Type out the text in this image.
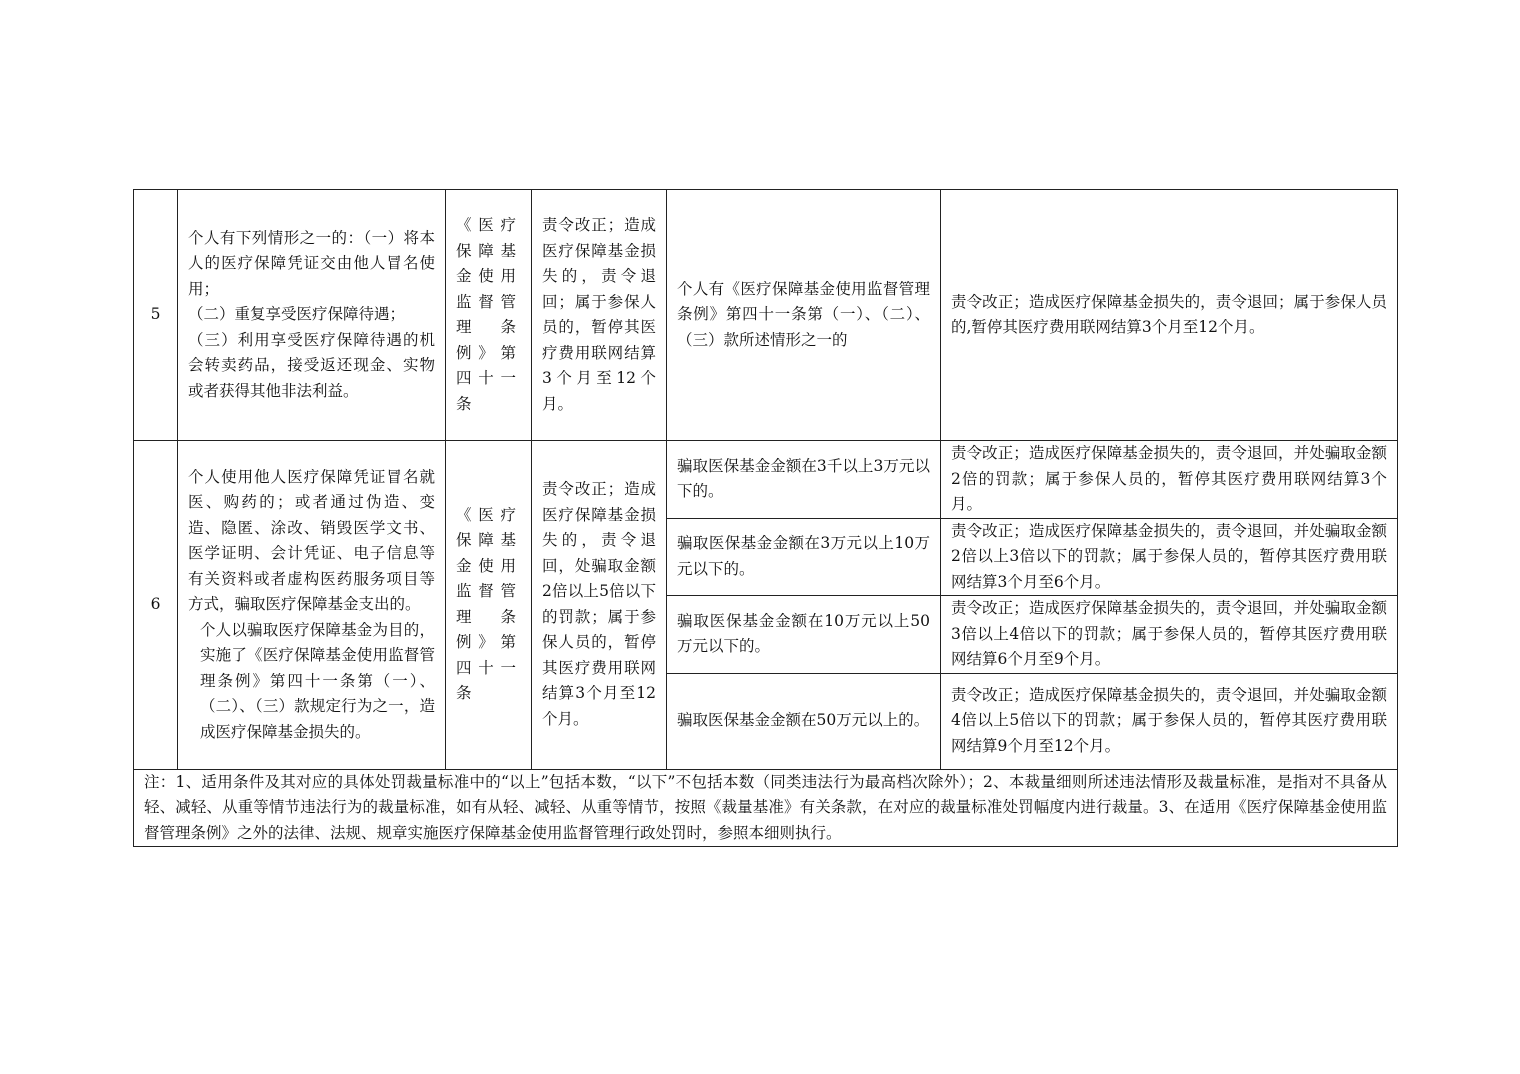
5	个人有下列情形之一的：（一）将本人的医疗保障凭证交由他人冒名使用；
（二）重复享受医疗保障待遇；
（三）利用享受医疗保障待遇的机会转卖药品，接受返还现金、实物或者获得其他非法利益。	《医疗保障基金使用监督管理条例》第四十一条	责令改正；造成医疗保障基金损失的，责令退回；属于参保人员的，暂停其医疗费用联网结算3个月至12个月。	个人有《医疗保障基金使用监督管理条例》第四十一条第（一）、（二）、（三）款所述情形之一的	责令改正；造成医疗保障基金损失的，责令退回；属于参保人员的,暂停其医疗费用联网结算3个月至12个月。
6	个人使用他人医疗保障凭证冒名就医、购药的；或者通过伪造、变造、隐匿、涂改、销毁医学文书、医学证明、会计凭证、电子信息等有关资料或者虚构医药服务项目等方式，骗取医疗保障基金支出的。
个人以骗取医疗保障基金为目的，实施了《医疗保障基金使用监督管理条例》第四十一条第（一）、（二）、（三）款规定行为之一，造成医疗保障基金损失的。	《医疗保障基金使用监督管理条例》第四十一条	责令改正；造成医疗保障基金损失的，责令退回，处骗取金额2倍以上5倍以下的罚款；属于参保人员的，暂停其医疗费用联网结算3个月至12个月。	骗取医保基金金额在3千以上3万元以下的。	责令改正；造成医疗保障基金损失的，责令退回，并处骗取金额2倍的罚款；属于参保人员的，暂停其医疗费用联网结算3个月。
				骗取医保基金金额在3万元以上10万元以下的。	责令改正；造成医疗保障基金损失的，责令退回，并处骗取金额2倍以上3倍以下的罚款；属于参保人员的，暂停其医疗费用联网结算3个月至6个月。
				骗取医保基金金额在10万元以上50万元以下的。	责令改正；造成医疗保障基金损失的，责令退回，并处骗取金额3倍以上4倍以下的罚款；属于参保人员的，暂停其医疗费用联网结算6个月至9个月。
				骗取医保基金金额在50万元以上的。	责令改正；造成医疗保障基金损失的，责令退回，并处骗取金额4倍以上5倍以下的罚款；属于参保人员的，暂停其医疗费用联网结算9个月至12个月。
注：1、适用条件及其对应的具体处罚裁量标准中的“以上”包括本数，“以下”不包括本数（同类违法行为最高档次除外）；2、本裁量细则所述违法情形及裁量标准，是指对不具备从轻、减轻、从重等情节违法行为的裁量标准，如有从轻、减轻、从重等情节，按照《裁量基准》有关条款，在对应的裁量标准处罚幅度内进行裁量。3、在适用《医疗保障基金使用监督管理条例》之外的法律、法规、规章实施医疗保障基金使用监督管理行政处罚时，参照本细则执行。					
